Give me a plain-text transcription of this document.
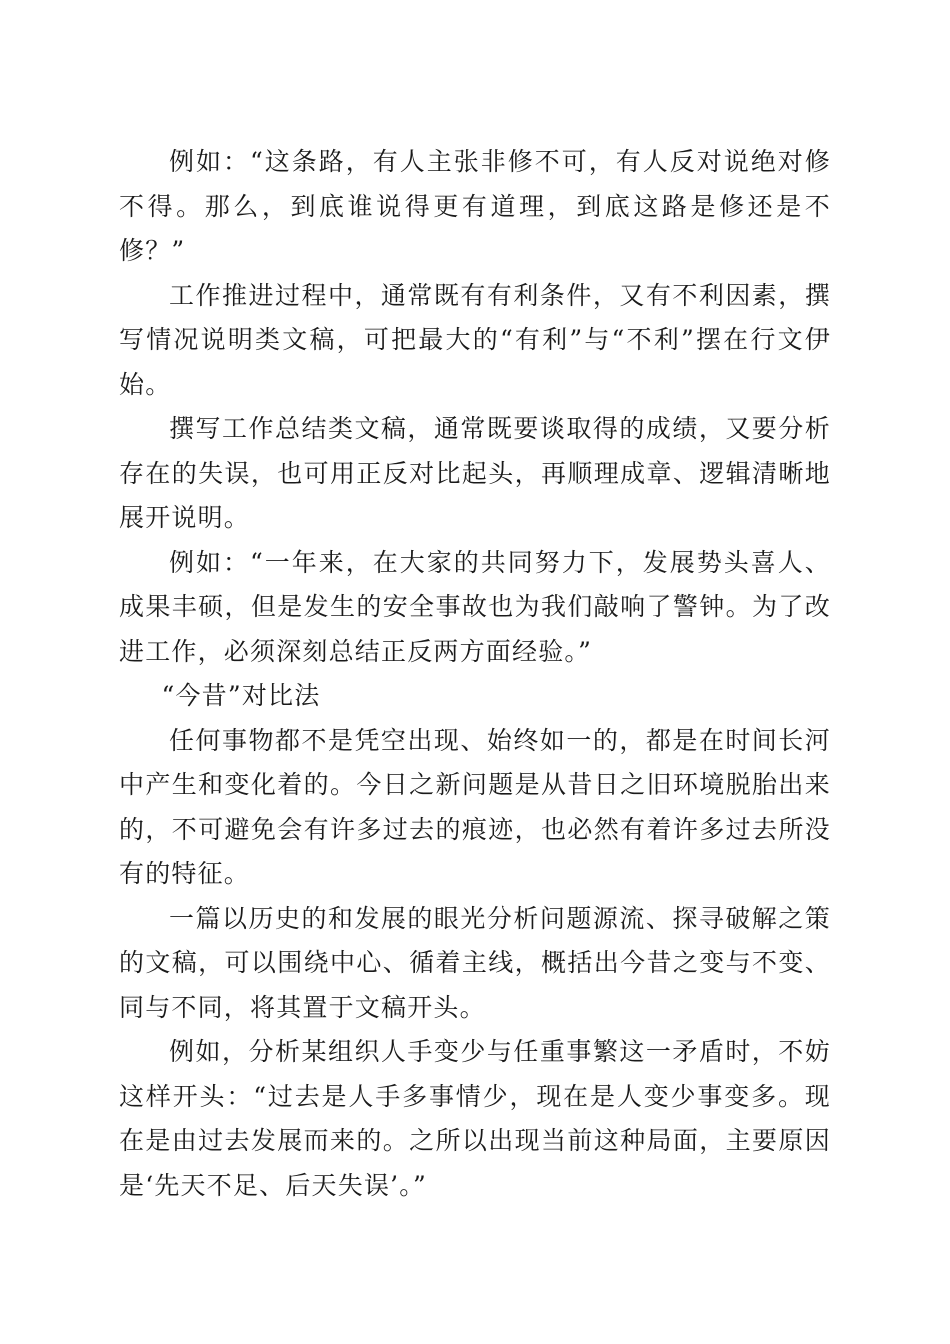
例如：“这条路，有人主张非修不可，有人反对说绝对修不得。那么，到底谁说得更有道理，到底这路是修还是不修？”

工作推进过程中，通常既有有利条件，又有不利因素，撰写情况说明类文稿，可把最大的“有利”与“不利”摆在行文伊始。

撰写工作总结类文稿，通常既要谈取得的成绩，又要分析存在的失误，也可用正反对比起头，再顺理成章、逻辑清晰地展开说明。

例如：“一年来，在大家的共同努力下，发展势头喜人、成果丰硕，但是发生的安全事故也为我们敲响了警钟。为了改进工作，必须深刻总结正反两方面经验。”

“今昔”对比法

任何事物都不是凭空出现、始终如一的，都是在时间长河中产生和变化着的。今日之新问题是从昔日之旧环境脱胎出来的，不可避免会有许多过去的痕迹，也必然有着许多过去所没有的特征。

一篇以历史的和发展的眼光分析问题源流、探寻破解之策的文稿，可以围绕中心、循着主线，概括出今昔之变与不变、同与不同，将其置于文稿开头。

例如，分析某组织人手变少与任重事繁这一矛盾时，不妨这样开头：“过去是人手多事情少，现在是人变少事变多。现在是由过去发展而来的。之所以出现当前这种局面，主要原因是‘先天不足、后天失误’。”
